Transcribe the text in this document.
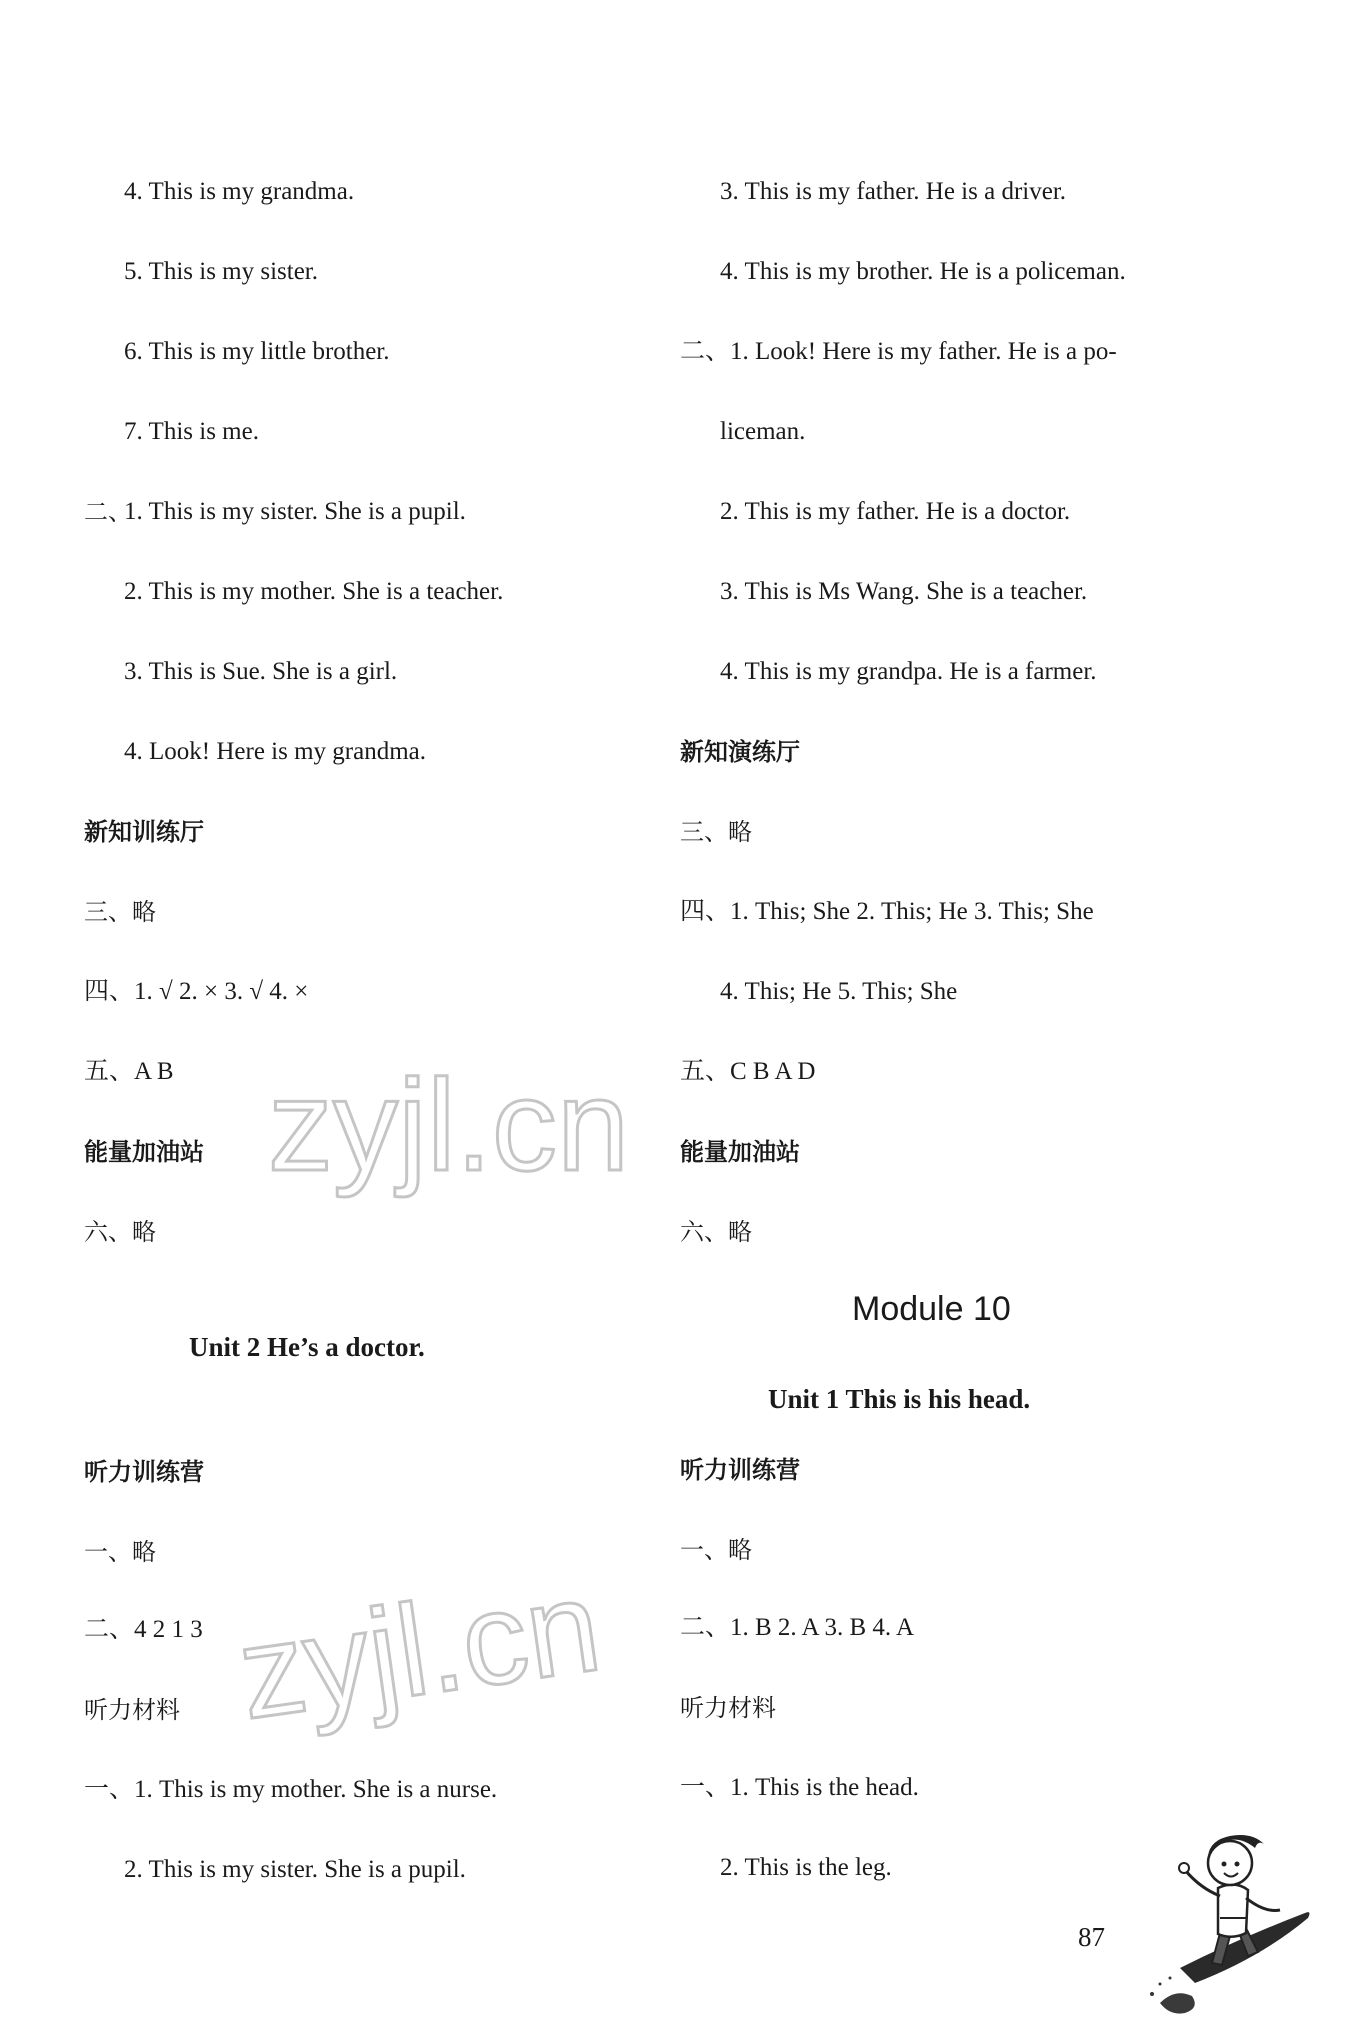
4. This is my grandma.
5. This is my sister.
6. This is my little brother.
7. This is me.
二、
1. This is my sister. She is a pupil.
2. This is my mother. She is a teacher.
3. This is Sue. She is a girl.
4. Look! Here is my grandma.
新知训练厅
三、略
四、1. √ 2. × 3. √ 4. ×
五、A B
能量加油站
六、略
Unit 2 He’s a doctor.
听力训练营
一、略
二、4 2 1 3
听力材料
一、1. This is my mother. She is a nurse.
2. This is my sister. She is a pupil.
3. This is my father. He is a driver.
4. This is my brother. He is a policeman.
二、1. Look! Here is my father. He is a po-
liceman.
2. This is my father. He is a doctor.
3. This is Ms Wang. She is a teacher.
4. This is my grandpa. He is a farmer.
新知演练厅
三、略
四、1. This; She 2. This; He 3. This; She
4. This; He 5. This; She
五、C B A D
能量加油站
六、略
Module 10
Unit 1 This is his head.
听力训练营
一、略
二、1. B 2. A 3. B 4. A
听力材料
一、1. This is the head.
2. This is the leg.
zyjl.cn
zyjl.cn
87
